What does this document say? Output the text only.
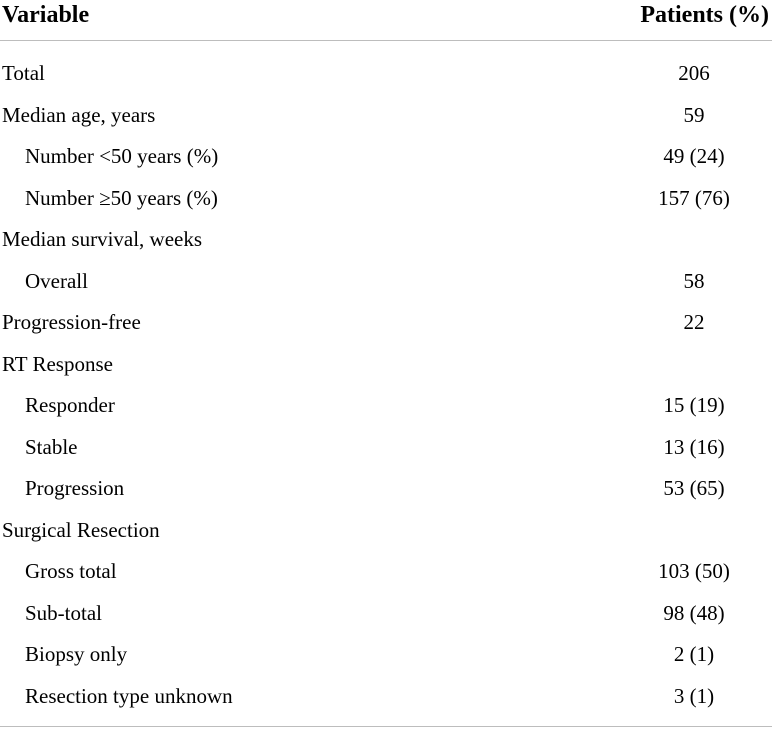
Variable	Patients (%)
Total	206
Median age, years	59
Number <50 years (%)	49 (24)
Number ≥50 years (%)	157 (76)
Median survival, weeks
Overall	58
Progression-free	22
RT Response
Responder	15 (19)
Stable	13 (16)
Progression	53 (65)
Surgical Resection
Gross total	103 (50)
Sub-total	98 (48)
Biopsy only	2 (1)
Resection type unknown	3 (1)
